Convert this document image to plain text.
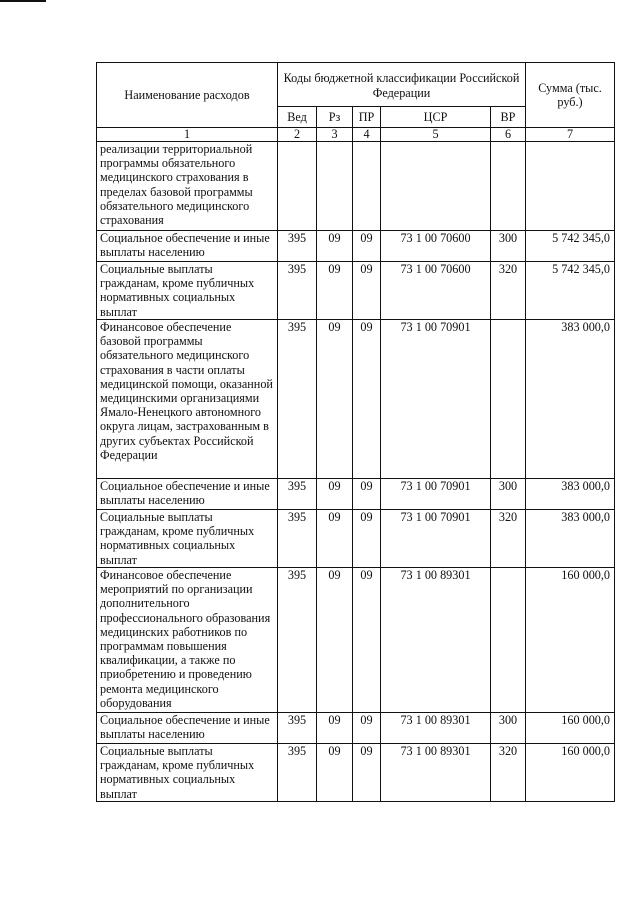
Наименование расходов	Коды бюджетной классификации Российской Федерации					Сумма (тыс. руб.)
	Вед	Рз	ПР	ЦСР	ВР	
1	2	3	4	5	6	7
реализации территориальной программы обязательного медицинского страхования в пределах базовой программы обязательного медицинского страхования						
Социальное обеспечение и иные выплаты населению	395	09	09	73 1 00 70600	300	5 742 345,0
Социальные выплаты гражданам, кроме публичных нормативных социальных выплат	395	09	09	73 1 00 70600	320	5 742 345,0
Финансовое обеспечение базовой программы обязательного медицинского страхования в части оплаты медицинской помощи, оказанной медицинскими организациями Ямало-Ненецкого автономного округа лицам, застрахованным в других субъектах Российской Федерации	395	09	09	73 1 00 70901		383 000,0
Социальное обеспечение и иные выплаты населению	395	09	09	73 1 00 70901	300	383 000,0
Социальные выплаты гражданам, кроме публичных нормативных социальных выплат	395	09	09	73 1 00 70901	320	383 000,0
Финансовое обеспечение мероприятий по организации дополнительного профессионального образования медицинских работников по программам повышения квалификации, а также по приобретению и проведению ремонта медицинского оборудования	395	09	09	73 1 00 89301		160 000,0
Социальное обеспечение и иные выплаты населению	395	09	09	73 1 00 89301	300	160 000,0
Социальные выплаты гражданам, кроме публичных нормативных социальных выплат	395	09	09	73 1 00 89301	320	160 000,0
